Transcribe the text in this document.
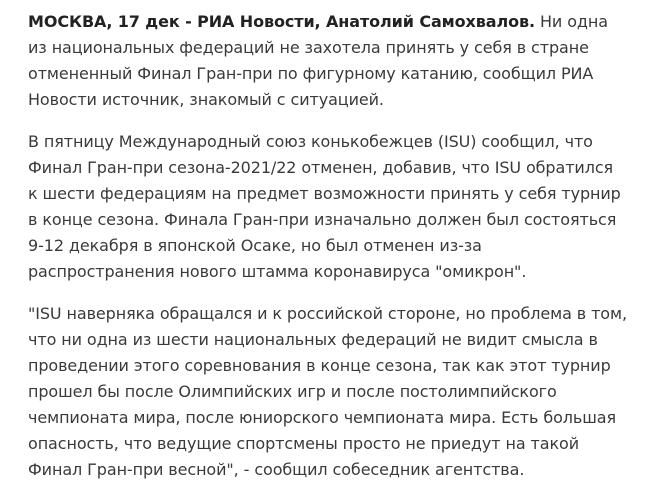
МОСКВА, 17 дек - РИА Новости, Анатолий Самохвалов. Ни одна из национальных федераций не захотела принять у себя в стране отмененный Финал Гран-при по фигурному катанию, сообщил РИА Новости источник, знакомый с ситуацией.

В пятницу Международный союз конькобежцев (ISU) сообщил, что Финал Гран-при сезона-2021/22 отменен, добавив, что ISU обратился к шести федерациям на предмет возможности принять у себя турнир в конце сезона. Финала Гран-при изначально должен был состояться 9-12 декабря в японской Осаке, но был отменен из-за распространения нового штамма коронавируса "омикрон".

"ISU наверняка обращался и к российской стороне, но проблема в том, что ни одна из шести национальных федераций не видит смысла в проведении этого соревнования в конце сезона, так как этот турнир прошел бы после Олимпийских игр и после постолимпийского чемпионата мира, после юниорского чемпионата мира. Есть большая опасность, что ведущие спортсмены просто не приедут на такой Финал Гран-при весной", - сообщил собеседник агентства.
